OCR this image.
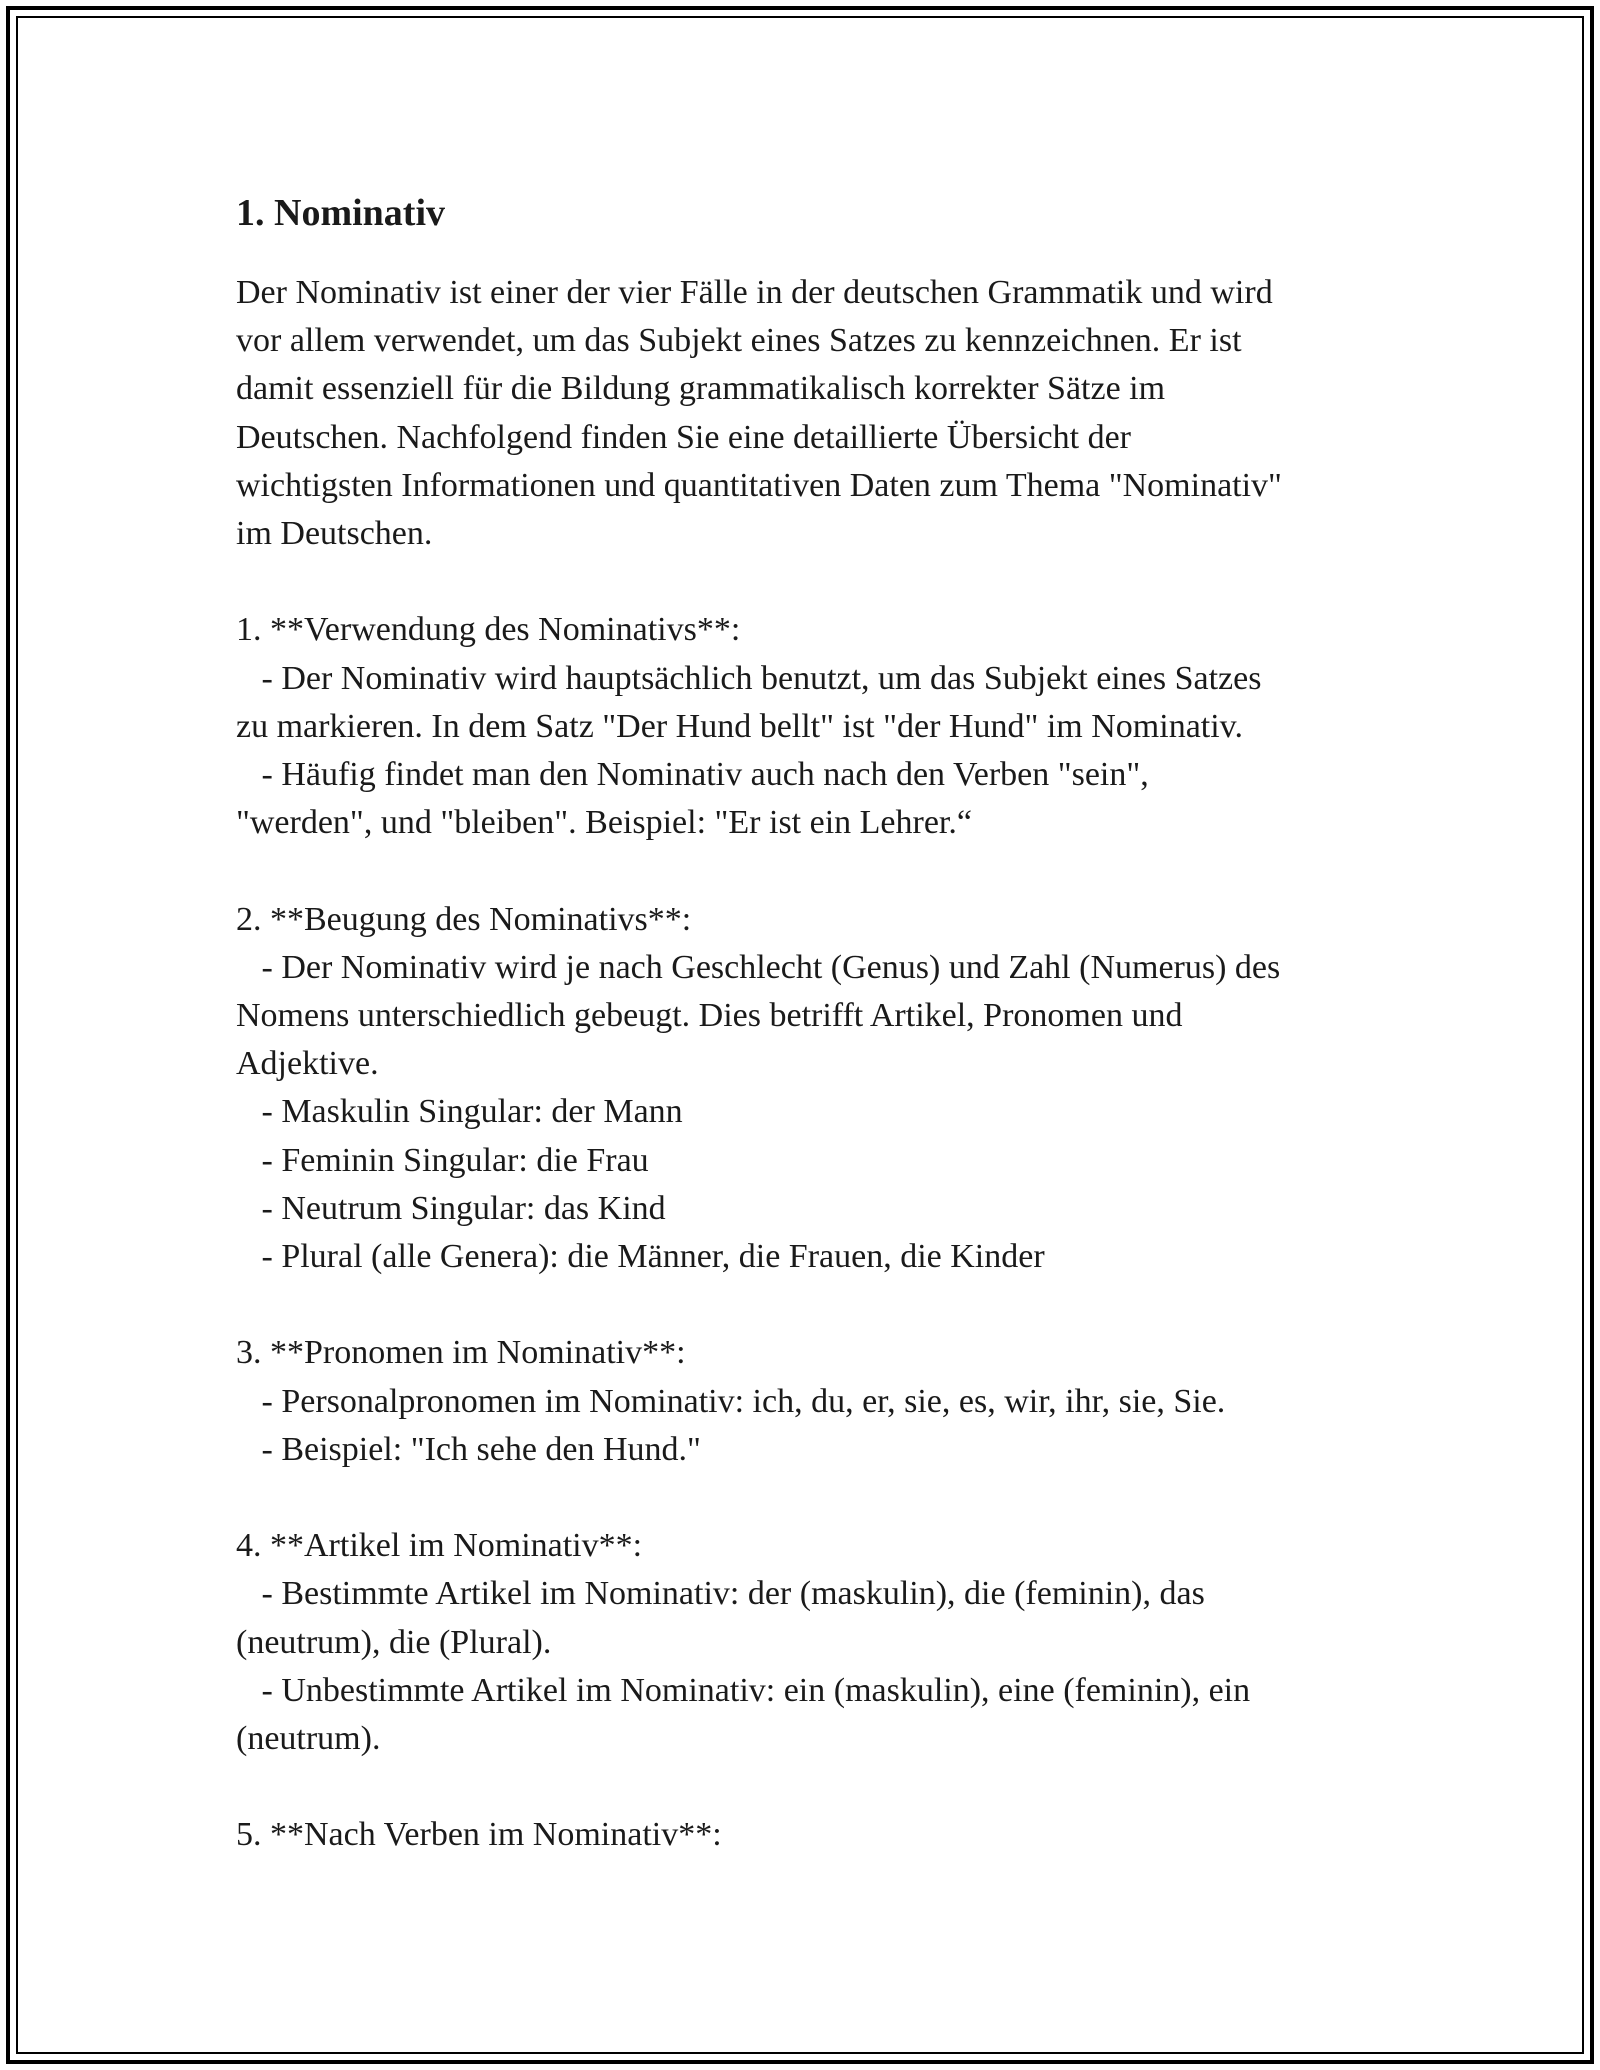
1. Nominativ

Der Nominativ ist einer der vier Fälle in der deutschen Grammatik und wird

vor allem verwendet, um das Subjekt eines Satzes zu kennzeichnen. Er ist

damit essenziell für die Bildung grammatikalisch korrekter Sätze im

Deutschen. Nachfolgend finden Sie eine detaillierte Übersicht der

wichtigsten Informationen und quantitativen Daten zum Thema "Nominativ"

im Deutschen.

1. **Verwendung des Nominativs**:

- Der Nominativ wird hauptsächlich benutzt, um das Subjekt eines Satzes

zu markieren. In dem Satz "Der Hund bellt" ist "der Hund" im Nominativ.

- Häufig findet man den Nominativ auch nach den Verben "sein",

"werden", und "bleiben". Beispiel: "Er ist ein Lehrer.“

2. **Beugung des Nominativs**:

- Der Nominativ wird je nach Geschlecht (Genus) und Zahl (Numerus) des

Nomens unterschiedlich gebeugt. Dies betrifft Artikel, Pronomen und

Adjektive.

- Maskulin Singular: der Mann

- Feminin Singular: die Frau

- Neutrum Singular: das Kind

- Plural (alle Genera): die Männer, die Frauen, die Kinder

3. **Pronomen im Nominativ**:

- Personalpronomen im Nominativ: ich, du, er, sie, es, wir, ihr, sie, Sie.

- Beispiel: "Ich sehe den Hund."

4. **Artikel im Nominativ**:

- Bestimmte Artikel im Nominativ: der (maskulin), die (feminin), das

(neutrum), die (Plural).

- Unbestimmte Artikel im Nominativ: ein (maskulin), eine (feminin), ein

(neutrum).

5. **Nach Verben im Nominativ**:
